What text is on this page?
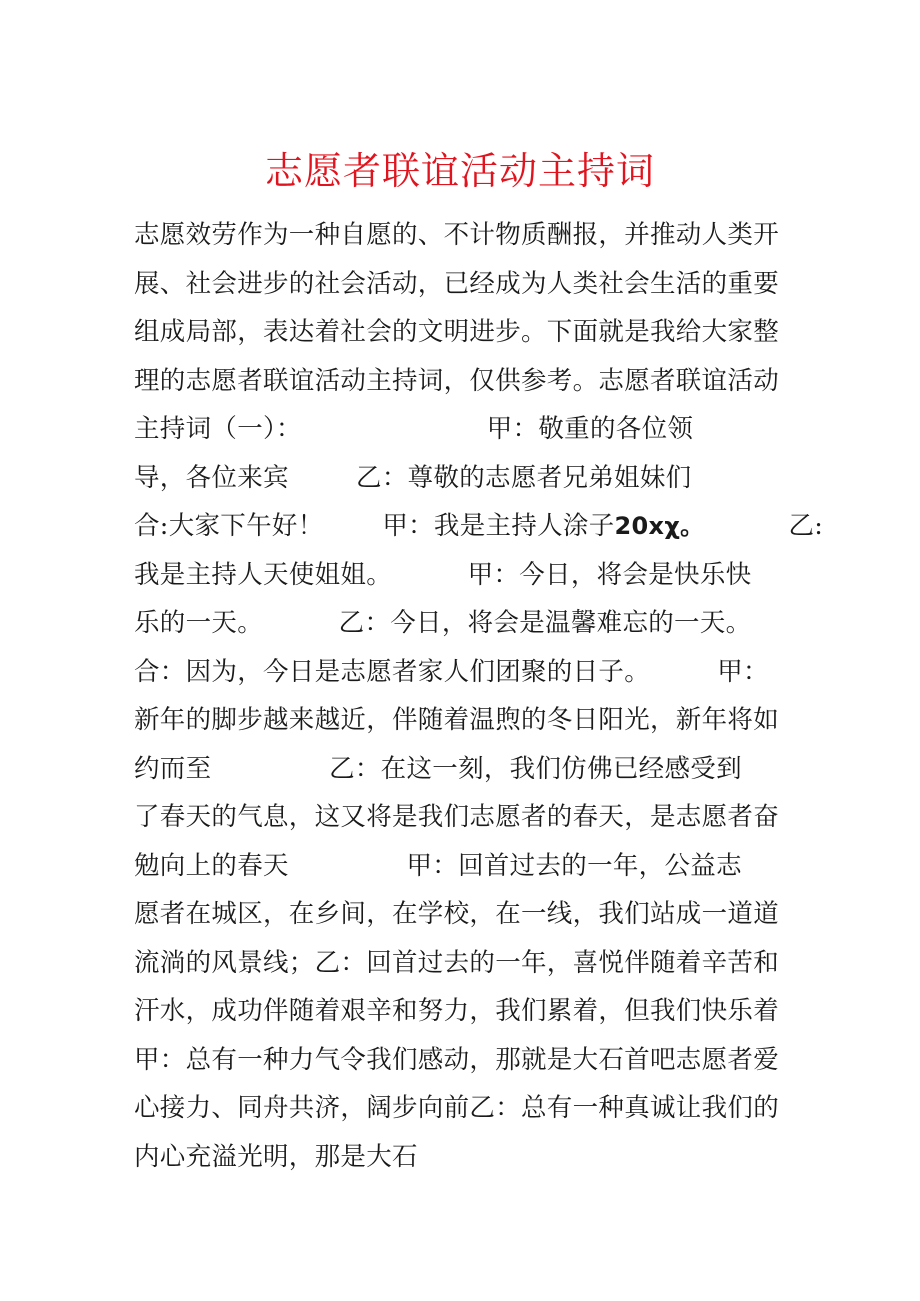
志愿者联谊活动主持词
志愿效劳作为一种自愿的、不计物质酬报，并推动人类开
展、社会进步的社会活动，已经成为人类社会生活的重要
组成局部，表达着社会的文明进步。下面就是我给大家整
理的志愿者联谊活动主持词，仅供参考。志愿者联谊活动
主持词（一）：                      甲：敬重的各位领
导，各位来宾        乙：尊敬的志愿者兄弟姐妹们
合:大家下午好！       甲：我是主持人涂子20xχ。          乙:
我是主持人天使姐姐。         甲：今日，将会是快乐快
乐的一天。         乙：今日，将会是温馨难忘的一天。
合：因为，今日是志愿者家人们团聚的日子。        甲：
新年的脚步越来越近，伴随着温煦的冬日阳光，新年将如
约而至              乙：在这一刻，我们仿佛已经感受到
了春天的气息，这又将是我们志愿者的春天，是志愿者奋
勉向上的春天              甲：回首过去的一年，公益志
愿者在城区，在乡间，在学校，在一线，我们站成一道道
流淌的风景线；乙：回首过去的一年，喜悦伴随着辛苦和
汗水，成功伴随着艰辛和努力，我们累着，但我们快乐着
甲：总有一种力气令我们感动，那就是大石首吧志愿者爱
心接力、同舟共济，阔步向前乙：总有一种真诚让我们的
内心充溢光明，那是大石
